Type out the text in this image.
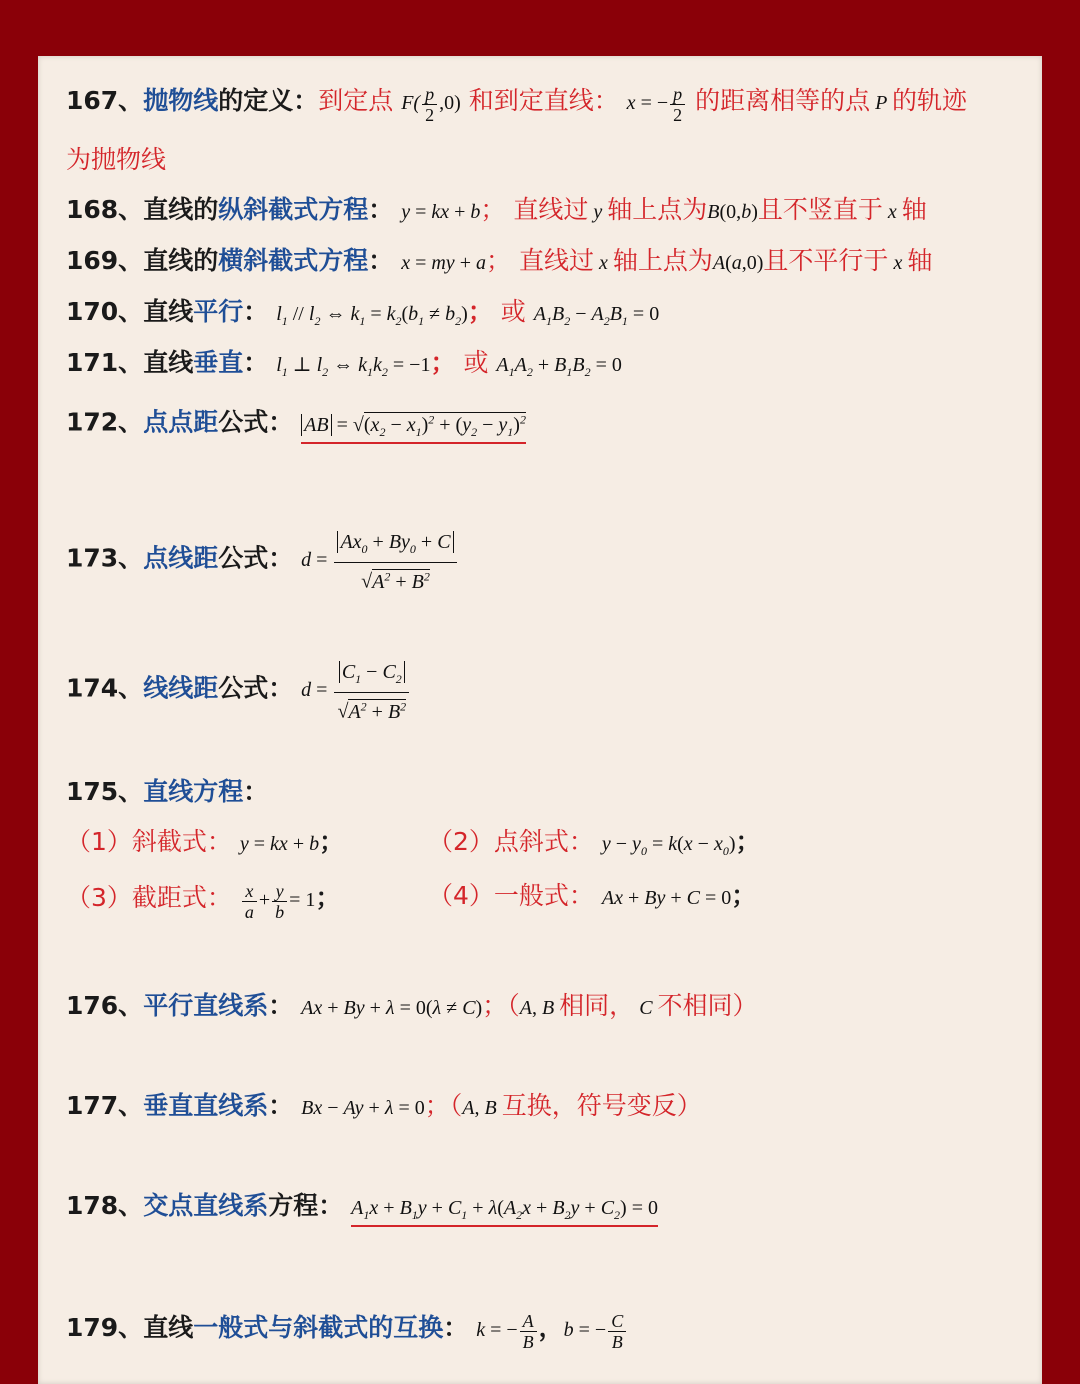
167、抛物线的定义：到定点 $F( \frac{p}{2} ,0)$ 和到定直线： x = − $\frac{p}{2}$ 的距离相等的点 P 的轨迹
为抛物线
168、直线的纵斜截式方程： y = kx + b； 直线过 y 轴上点为B(0,b)且不竖直于 x 轴
169、直线的横斜截式方程： x = my + a； 直线过 x 轴上点为A(a,0)且不平行于 x 轴
170、直线平行： $l_1 // l_2$ ⇔ $k_1 = k_2(b_1 \ne b_2)$； 或 $A_1B_2 - A_2B_1 = 0$
171、直线垂直： $l_1$ ⊥ $l_2$ ⇔ $k_1k_2 = -1$； 或 $A_1A_2 + B_1B_2 = 0$
172、点点距公式： AB = $√(x_2 - x_1)^2 + (y_2 - y_1)^2$
173、点线距公式： $d = \frac{Ax_0 + By_0 + C}{√A^2 + B^2}$
174、线线距公式： $d = \frac{C_1 - C_2}{√A^2 + B^2}$
175、直线方程：
（1）斜截式： y = kx + b；	（2）点斜式： $y - y_0 = k(x - x_0)$；
（3）截距式： $\frac{x}{a} + \frac{y}{b} = 1$；	（4）一般式： Ax + By + C = 0；
176、平行直线系： Ax + By + λ = 0(λ ≠ C)；（A, B 相同， C 不相同）
177、垂直直线系： Bx − Ay + λ = 0；（A, B 互换，符号变反）
178、交点直线系方程： $A_1x + B_1y + C_1 + \lambda(A_2x + B_2y + C_2) = 0$
179、直线一般式与斜截式的互换： k = − $\frac{A}{B}$ ，b = − $\frac{C}{B}$
